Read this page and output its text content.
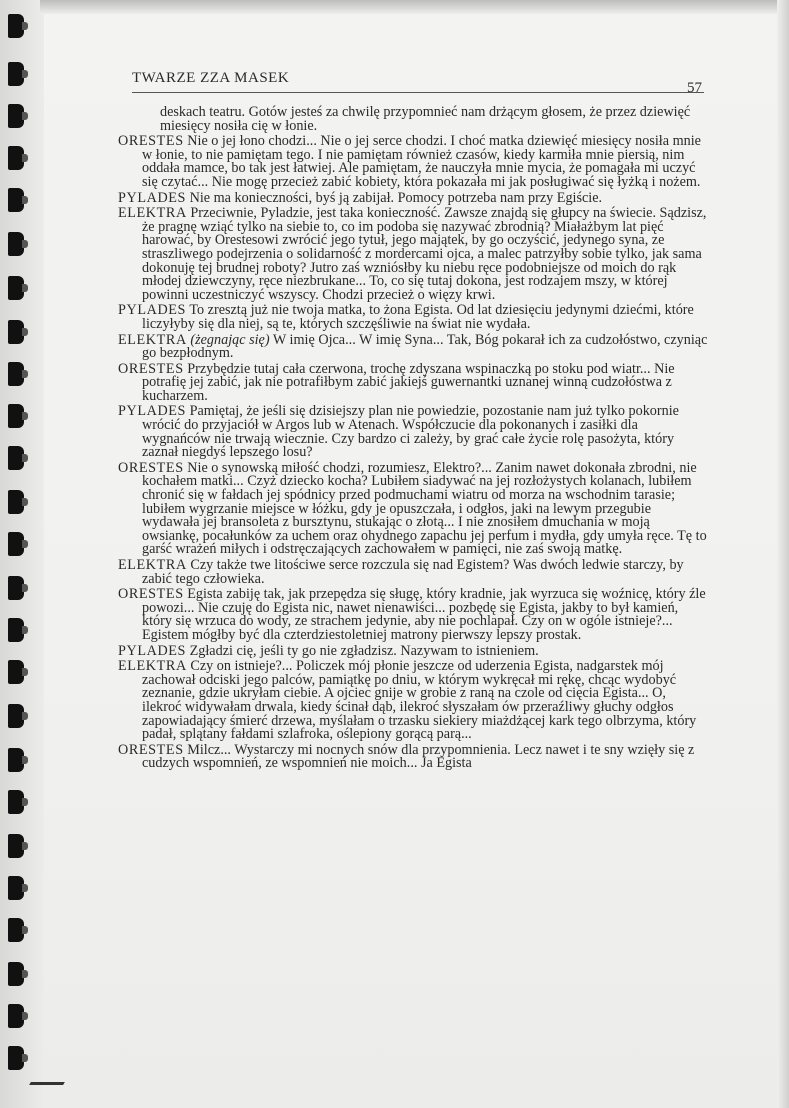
TWARZE ZZA MASEK
57

deskach teatru. Gotów jesteś za chwilę przypomnieć nam drżącym głosem, że przez dziewięć miesięcy nosiła cię w łonie.

ORESTES Nie o jej łono chodzi... Nie o jej serce chodzi. I choć matka dziewięć miesięcy nosiła mnie w łonie, to nie pamiętam tego. I nie pamiętam również czasów, kiedy karmiła mnie piersią, nim oddała mamce, bo tak jest łatwiej. Ale pamiętam, że nauczyła mnie mycia, że pomagała mi uczyć się czytać... Nie mogę przecież zabić kobiety, która pokazała mi jak posługiwać się łyżką i nożem.

PYLADES Nie ma konieczności, byś ją zabijał. Pomocy potrzeba nam przy Egiście.

ELEKTRA Przeciwnie, Pyladzie, jest taka konieczność. Zawsze znajdą się głupcy na świecie. Sądzisz, że pragnę wziąć tylko na siebie to, co im podoba się nazywać zbrodnią? Miałażbym lat pięć harować, by Orestesowi zwrócić jego tytuł, jego majątek, by go oczyścić, jedynego syna, ze straszliwego podejrzenia o solidarność z mordercami ojca, a malec patrzyłby sobie tylko, jak sama dokonuję tej brudnej roboty? Jutro zaś wzniósłby ku niebu ręce podobniejsze od moich do rąk młodej dziewczyny, ręce niezbrukane... To, co się tutaj dokona, jest rodzajem mszy, w której powinni uczestniczyć wszyscy. Chodzi przecież o więzy krwi.

PYLADES To zresztą już nie twoja matka, to żona Egista. Od lat dziesięciu jedynymi dziećmi, które liczyłyby się dla niej, są te, których szczęśliwie na świat nie wydała.

ELEKTRA (żegnając się) W imię Ojca... W imię Syna... Tak, Bóg pokarał ich za cudzołóstwo, czyniąc go bezpłodnym.

ORESTES Przybędzie tutaj cała czerwona, trochę zdyszana wspinaczką po stoku pod wiatr... Nie potrafię jej zabić, jak nie potrafiłbym zabić jakiejś guwernantki uznanej winną cudzołóstwa z kucharzem.

PYLADES Pamiętaj, że jeśli się dzisiejszy plan nie powiedzie, pozostanie nam już tylko pokornie wrócić do przyjaciół w Argos lub w Atenach. Współczucie dla pokonanych i zasiłki dla wygnańców nie trwają wiecznie. Czy bardzo ci zależy, by grać całe życie rolę pasożyta, który zaznał niegdyś lepszego losu?

ORESTES Nie o synowską miłość chodzi, rozumiesz, Elektro?... Zanim nawet dokonała zbrodni, nie kochałem matki... Czyż dziecko kocha? Lubiłem siadywać na jej rozłożystych kolanach, lubiłem chronić się w fałdach jej spódnicy przed podmuchami wiatru od morza na wschodnim tarasie; lubiłem wygrzanie miejsce w łóżku, gdy je opuszczała, i odgłos, jaki na lewym przegubie wydawała jej bransoleta z bursztynu, stukając o złotą... I nie znosiłem dmuchania w moją owsiankę, pocałunków za uchem oraz ohydnego zapachu jej perfum i mydła, gdy umyła ręce. Tę to garść wrażeń miłych i odstręczających zachowałem w pamięci, nie zaś swoją matkę.

ELEKTRA Czy także twe litościwe serce rozczula się nad Egistem? Was dwóch ledwie starczy, by zabić tego człowieka.

ORESTES Egista zabiję tak, jak przepędza się sługę, który kradnie, jak wyrzuca się woźnicę, który źle powozi... Nie czuję do Egista nic, nawet nienawiści... pozbędę się Egista, jakby to był kamień, który się wrzuca do wody, ze strachem jedynie, aby nie pochlapał. Czy on w ogóle istnieje?... Egistem mógłby być dla czterdziestoletniej matrony pierwszy lepszy prostak.

PYLADES Zgładzi cię, jeśli ty go nie zgładzisz. Nazywam to istnieniem.

ELEKTRA Czy on istnieje?... Policzek mój płonie jeszcze od uderzenia Egista, nadgarstek mój zachował odciski jego palców, pamiątkę po dniu, w którym wykręcał mi rękę, chcąc wydobyć zeznanie, gdzie ukryłam ciebie. A ojciec gnije w grobie z raną na czole od cięcia Egista... O, ilekroć widywałam drwala, kiedy ścinał dąb, ilekroć słyszałam ów przeraźliwy głuchy odgłos zapowiadający śmierć drzewa, myślałam o trzasku siekiery miażdżącej kark tego olbrzyma, który padał, splątany fałdami szlafroka, oślepiony gorącą parą...

ORESTES Milcz... Wystarczy mi nocnych snów dla przypomnienia. Lecz nawet i te sny wzięły się z cudzych wspomnień, ze wspomnień nie moich... Ja Egista
